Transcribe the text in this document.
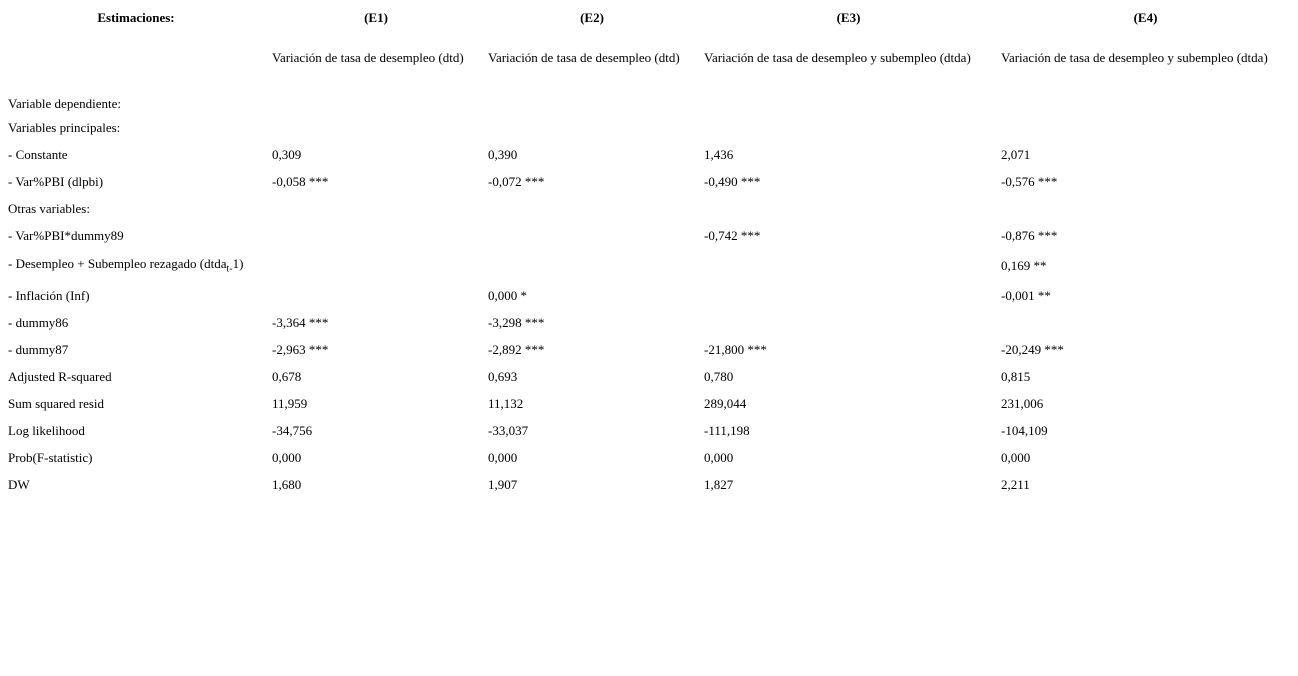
Estimaciones:	(E1)	(E2)	(E3)	(E4)
Variable dependiente:	Variación de tasa de desempleo (dtd)	Variación de tasa de desempleo (dtd)	Variación de tasa de desempleo y subempleo (dtda)	Variación de tasa de desempleo y subempleo (dtda)
Variables principales:				
- Constante	0,309	0,390	1,436	2,071
- Var%PBI (dlpbi)	-0,058 ***	-0,072 ***	-0,490 ***	-0,576 ***
Otras variables:				
- Var%PBI*dummy89			-0,742 ***	-0,876 ***
- Desempleo + Subempleo rezagado (dtda$_{t-}$1)				0,169 **
- Inflación (Inf)		0,000 *		-0,001 **
- dummy86	-3,364 ***	-3,298 ***		
- dummy87	-2,963 ***	-2,892 ***	-21,800 ***	-20,249 ***
Adjusted R-squared	0,678	0,693	0,780	0,815
Sum squared resid	11,959	11,132	289,044	231,006
Log likelihood	-34,756	-33,037	-111,198	-104,109
Prob(F-statistic)	0,000	0,000	0,000	0,000
DW	1,680	1,907	1,827	2,211
